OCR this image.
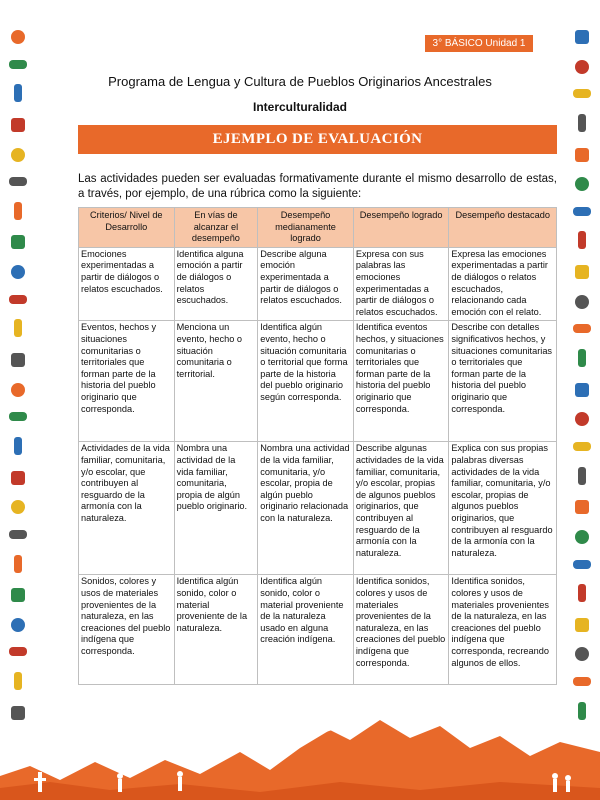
3° BÁSICO Unidad 1
Programa de Lengua y Cultura de Pueblos Originarios Ancestrales
Interculturalidad
EJEMPLO DE EVALUACIÓN
Las actividades pueden ser evaluadas formativamente durante el mismo desarrollo de estas, a través, por ejemplo, de una rúbrica como la siguiente:
Criterios/ Nivel de Desarrollo	En vías de alcanzar el desempeño	Desempeño medianamente logrado	Desempeño logrado	Desempeño destacado
Emociones experimentadas a partir de diálogos o relatos escuchados.	Identifica alguna emoción a partir de diálogos o relatos escuchados.	Describe alguna emoción experimentada a partir de diálogos o relatos escuchados.	Expresa con sus palabras las emociones experimentadas a partir de diálogos o relatos escuchados.	Expresa las emociones experimentadas a partir de diálogos o relatos escuchados, relacionando cada emoción con el relato.
Eventos, hechos y situaciones comunitarias o territoriales que forman parte de la historia del pueblo originario que corresponda.	Menciona un evento, hecho o situación comunitaria o territorial.	Identifica algún evento, hecho o situación comunitaria o territorial que forma parte de la historia del pueblo originario según corresponda.	Identifica eventos hechos, y situaciones comunitarias o territoriales que forman parte de la historia del pueblo originario que corresponda.	Describe con detalles significativos hechos, y situaciones comunitarias o territoriales que forman parte de la historia del pueblo originario que corresponda.
Actividades de la vida familiar, comunitaria, y/o escolar, que contribuyen al resguardo de la armonía con la naturaleza.	Nombra una actividad de la vida familiar, comunitaria, propia de algún pueblo originario.	Nombra una actividad de la vida familiar, comunitaria, y/o escolar, propia de algún pueblo originario relacionada con la naturaleza.	Describe algunas actividades de la vida familiar, comunitaria, y/o escolar, propias de algunos pueblos originarios, que contribuyen al resguardo de la armonía con la naturaleza.	Explica con sus propias palabras diversas actividades de la vida familiar, comunitaria, y/o escolar, propias de algunos pueblos originarios, que contribuyen al resguardo de la armonía con la naturaleza.
Sonidos, colores y usos de materiales provenientes de la naturaleza, en las creaciones del pueblo indígena que corresponda.	Identifica algún sonido, color o material proveniente de la naturaleza.	Identifica algún sonido, color o material proveniente de la naturaleza usado en alguna creación indígena.	Identifica sonidos, colores y usos de materiales provenientes de la naturaleza, en las creaciones del pueblo indígena que corresponda.	Identifica sonidos, colores y usos de materiales provenientes de la naturaleza, en las creaciones del pueblo indígena que corresponda, recreando algunos de ellos.
